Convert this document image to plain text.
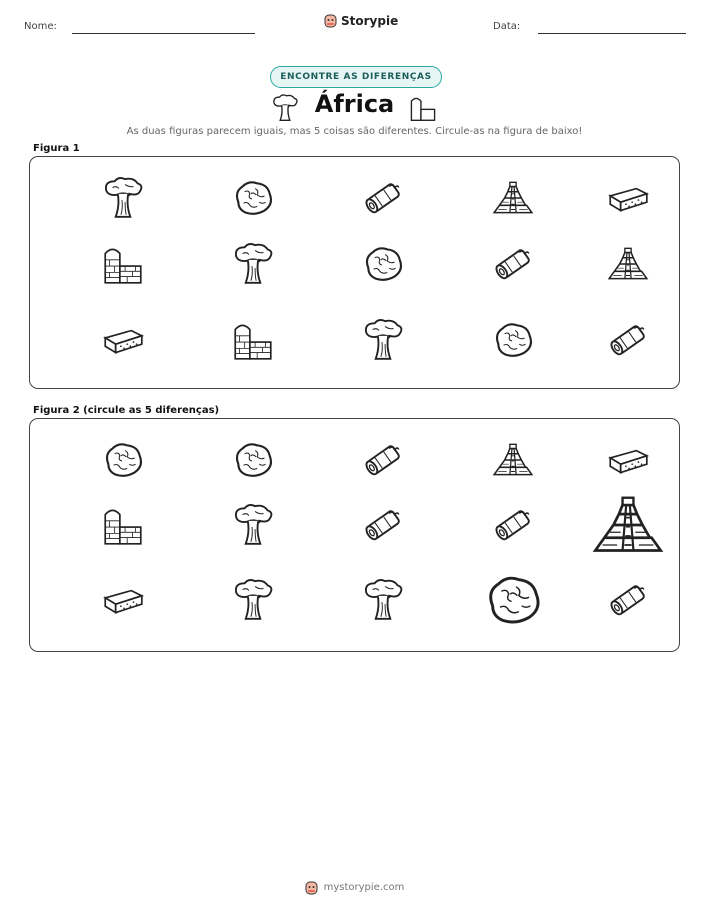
Nome:	Storypie	Data:
ENCONTRE AS DIFERENÇAS
África
As duas figuras parecem iguais, mas 5 coisas são diferentes. Circule-as na figura de baixo!
Figura 1
Figura 2 (circule as 5 diferenças)
mystorypie.com
